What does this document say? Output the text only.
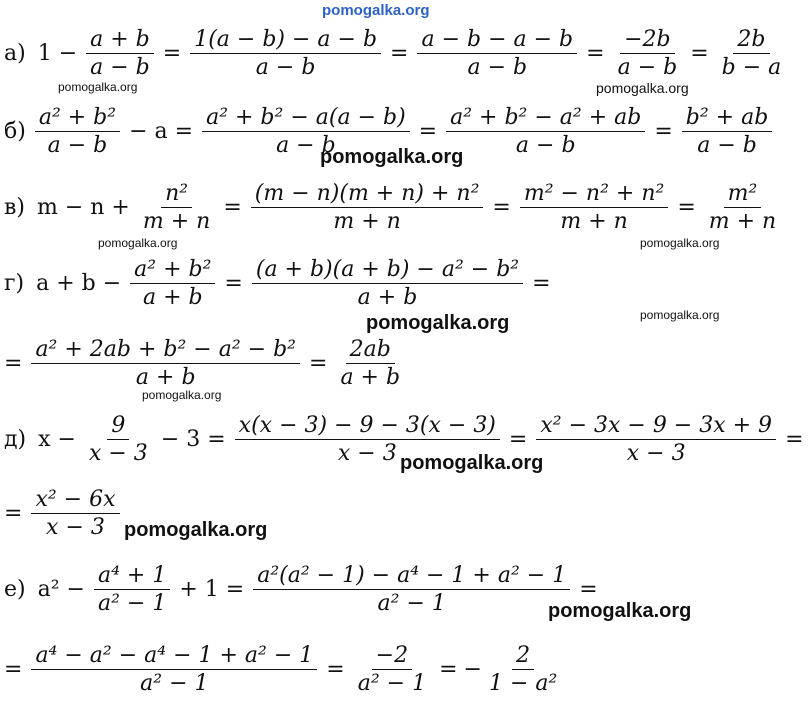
pomogalka.org
pomogalka.org	pomogalka.org
pomogalka.org
pomogalka.org	pomogalka.org
pomogalka.org
pomogalka.org
pomogalka.org
pomogalka.org
pomogalka.org
pomogalka.org
а) $1 - \frac{a + b}{a - b} = \frac{1(a - b) - a - b}{a - b} = \frac{a - b - a - b}{a - b} = \frac{-2b}{a - b} = \frac{2b}{b - a}$
$б) \frac{\text{a² + b²}}{a - b} - a = \frac{\text{a² + b² − a(a − b)}}{a - b} = \frac{\text{a² + b² − a² + ab}}{a - b} = \frac{\text{b² + ab}}{a - b}$
в) $m - n + \frac{\text{n²}}{m + n} = \frac{\text{(m − n)(m + n) + n²}}{m + n} = \frac{\text{m² − n² + n²}}{m + n} = \frac{\text{m²}}{m + n}$
г) $a + b - \frac{\text{a² + b²}}{a + b} = \frac{\text{(a + b)(a + b) − a² − b²}}{a + b}$ =
= $\frac{\text{a² + 2ab + b² − a² − b²}}{a + b} = \frac{2ab}{a + b}$
д) $x - \frac{9}{x - 3} - 3 = \frac{x(x - 3) - 9 - 3(x - 3)}{x - 3} = \frac{\text{x² − 3x − 9 − 3x + 9}}{x - 3}$ =
= $\frac{\text{x² − 6x}}{x - 3}$
е) $a^2 - \frac{\text{a⁴ + 1}}{\text{a² − 1}} + 1 = \frac{\text{a²(a² − 1) − a⁴ − 1 + a² − 1}}{\text{a² − 1}}$ =
= $\frac{\text{a⁴ − a² − a⁴ − 1 + a² − 1}}{\text{a² − 1}} = \frac{-2}{\text{a² − 1}}$ = − $\frac{2}{\text{1 − a²}}$
